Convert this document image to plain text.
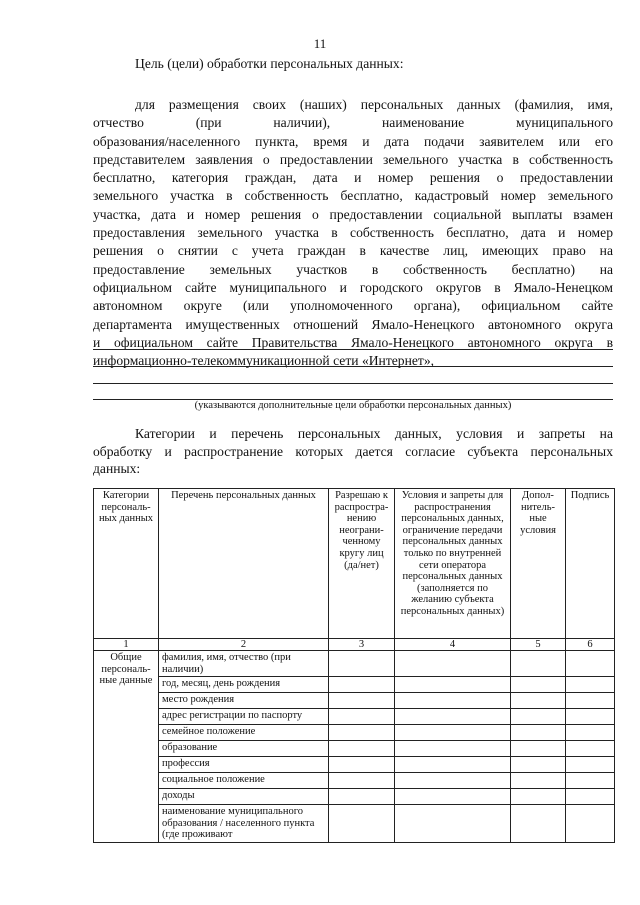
11
Цель (цели) обработки персональных данных:
для размещения своих (наших) персональных данных (фамилия, имя,
отчество (при наличии), наименование муниципального
образования/населенного пункта, время и дата подачи заявителем или его
представителем заявления о предоставлении земельного участка в собственность
бесплатно, категория граждан, дата и номер решения о предоставлении
земельного участка в собственность бесплатно, кадастровый номер земельного
участка, дата и номер решения о предоставлении социальной выплаты взамен
предоставления земельного участка в собственность бесплатно, дата и номер
решения о снятии с учета граждан в качестве лиц, имеющих право на
предоставление земельных участков в собственность бесплатно) на
официальном сайте муниципального и городского округов в Ямало-Ненецком
автономном округе (или уполномоченного органа), официальном сайте
департамента имущественных отношений Ямало-Ненецкого автономного округа
и официальном сайте Правительства Ямало-Ненецкого автономного округа в
информационно-телекоммуникационной сети «Интернет»,
(указываются дополнительные цели обработки персональных данных)
Категории и перечень персональных данных, условия и запреты на
обработку и распространение которых дается согласие субъекта персональных
данных:
Категории персональ-ных данных	Перечень персональных данных	Разрешаю к распростра-нению неограни-ченному кругу лиц (да/нет)	Условия и запреты для распространения персональных данных, ограничение передачи персональных данных только по внутренней сети оператора персональных данных (заполняется по желанию субъекта персональных данных)	Допол-нитель-ные условия	Подпись
1	2	3	4	5	6
Общие персональ-ные данные	фамилия, имя, отчество (при наличии)				
	год, месяц, день рождения				
	место рождения				
	адрес регистрации по паспорту				
	семейное положение				
	образование				
	профессия				
	социальное положение				
	доходы				
	наименование муниципального образования / населенного пункта (где проживают				
